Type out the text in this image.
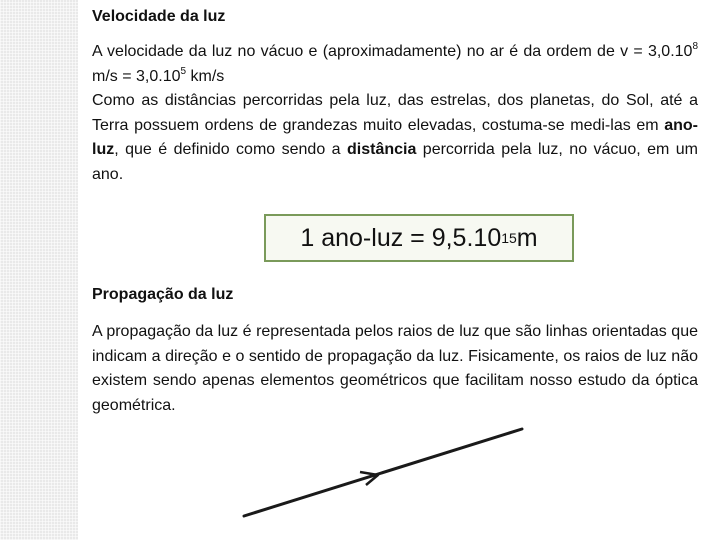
Velocidade da luz
A velocidade da luz no vácuo e (aproximadamente) no ar é da ordem de $v = 3,0.10^8$ $m/s = 3,0.10^5$ km/s
Como as distâncias percorridas pela luz, das estrelas, dos planetas, do Sol, até a Terra possuem ordens de grandezas muito elevadas, costuma-se medi-las em ano-luz, que é definido como sendo a distância percorrida pela luz, no vácuo, em um ano.
1 ano-luz = 9,5.10 15 m
Propagação da luz
A propagação da luz é representada pelos raios de luz que são linhas orientadas que indicam a direção e o sentido de propagação da luz. Fisicamente, os raios de luz não existem sendo apenas elementos geométricos que facilitam nosso estudo da óptica geométrica.
